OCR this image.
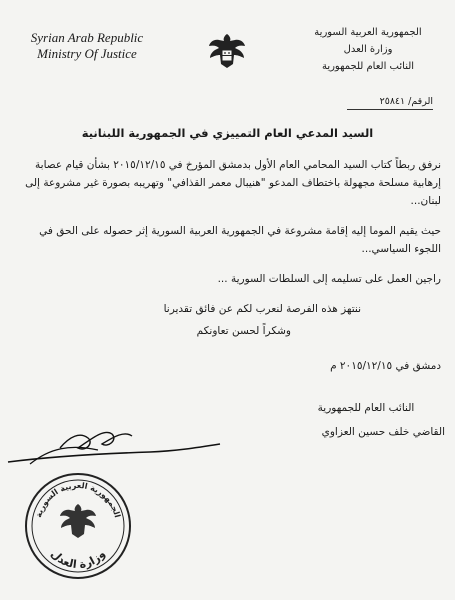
Syrian Arab Republic
Ministry Of Justice
الجمهورية العربية السورية
وزارة العدل
النائب العام للجمهورية
الرقم/ ٢٥٨٤١
السيد المدعي العام التمييزي في الجمهورية اللبنانية

نرفق ربطاً كتاب السيد المحامي العام الأول بدمشق المؤرخ في ٢٠١٥/١٢/١٥ بشأن قيام عصابة إرهابية مسلحة مجهولة باختطاف المدعو "هنيبال معمر القذافي" وتهريبه بصورة غير مشروعة إلى لبنان...

حيث يقيم الموما إليه إقامة مشروعة في الجمهورية العربية السورية إثر حصوله على الحق في اللجوء السياسي...

راجين العمل على تسليمه إلى السلطات السورية ...

ننتهز هذه الفرصة لنعرب لكم عن فائق تقديرنا

وشكراً لحسن تعاونكم

دمشق في ٢٠١٥/١٢/١٥ م
النائب العام للجمهورية
القاضي خلف حسين العزاوي
الجمهورية العربية السورية
وزارة العدل
